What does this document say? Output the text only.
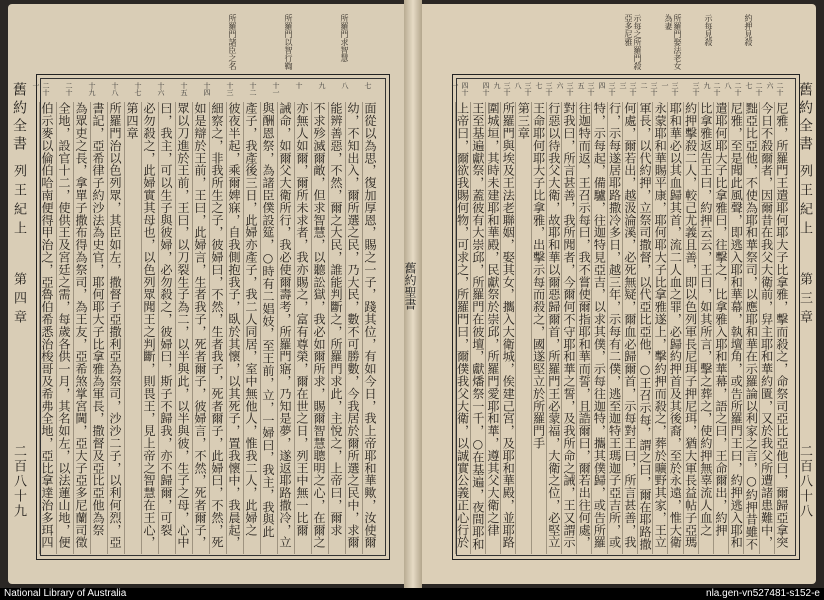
舊約全書
列王紀上
第四章
二百八十九
所羅門求智慧
所羅門以智行鞫
所羅門諸臣之名
七
八
九
十
十一
十二
十三
十四
十五
十六
十七
十八
十九
二十
二十一
面從以為思，復加厚恩，賜之一子，踐其位，有如今日，我上帝耶和華歟，汝使爾
幼，不知出入，爾所選之民，乃大民，數不可勝數，今我居於爾所選之民中，求爾
能辨善惡，不然，爾之大民，誰能判斷之，所羅門求此，主悅之，上帝曰，爾求
不求殄滅爾敵，但求智慧，以聽訟獄，我必如爾所求，賜爾智慧聰明之心，在爾之
亦無人如爾，爾所未求者，我亦賜之，富有尊榮，爾在世之日，列王中無一比爾
誡命，如爾父大衛所行，我必使爾壽考，所羅門寤，乃知是夢，遂返耶路撒冷，立
與酬恩祭，為諸臣僕設筵，○時有二娼妓，至王前，立，一婦曰，我主，我與此
產子，我產後三日，此婦亦產子，我二人同居，室中無他人，惟我二人，此婦之
彼夜半起，乘爾婢寐，自我側抱我子，臥於其懷，以其死子，置我懷中，我晨起，
細察之，非我所生之子，彼婦曰，不然，生者我子，死者爾子，此婦曰，不然，死
如是辯於王前，王曰，此婦言，生者我子，死者爾子，彼婦言，不然，死者爾子，
眾以刀進於王前，王曰，以刀裂生子為二，以半與此，以半與彼，生子之母，心中
曰，我主，可以生子與彼婦，必勿殺之，彼婦曰，斯子不歸我，亦不歸爾，可裂
必勿殺之，此婦實其母也，以色列眾聞王之判斷，則畏王，見上帝之智慧在王心，
第四章
所羅門治以色列眾，其臣如左，撒督子亞撒利亞為祭司，沙沙二子，以利何烈，亞
書記，亞希律子約沙法為史官，耶何耶大子比拿雅為軍長，撒督及亞比亞他為祭
為眾吏之長，拿單子撒布得為祭司，為王友，亞希煞掌宮閫，亞大子亞多尼蘭司徵
全地，設官十二，使供王及宮廷之需，每歲各供一月，其名如左，以法蓮山地，便
伯示麥以倫伯哈南便得甲治之，亞魯伯希悉治梭哥及希弗全地，亞比拿達治多珥四
舊約全書
列王紀上
第三章
二百八十八
約押見殺
示每見殺
所羅門娶法老女為妻
示每之所羅門殺亞多尼雅
二十六
二十七
二十八
二十九
三十
三十一
三十二
三十三
三十四
三十五
三十六
三十七
三十八
三十九
四十
四十一
尼雅，所羅門王遣耶何耶大子比拿雅，擊而殺之，命祭司亞比亞他曰，爾歸亞拿突
今日不殺爾者，因爾昔在我父大衛前，舁主耶和華約匱，又於我父所遭諸患難中，
黜亞比亞他，不使為耶和華祭司，以應耶和華在示羅論以利家之言，○約押昔雖不
尼雅，至是聞此風聲，即逃入耶和華幕，執壇角，或告所羅門王曰，約押逃入耶和
遣耶何耶大子比拿雅曰，往擊之，比拿雅入耶和華幕，語之曰，王命爾出，約押
比拿雅返告王曰，約押云云，王曰，如其所言，擊之葬之，使約押無辜流人血之
約押擊殺二人，較己尤義且善，即以色列軍長尼珥子押尼珥，猶大軍長益帖子亞瑪
耶和華必以其血歸其首，流二人血之罪，必歸約押首及其後裔，至於永遠，惟大衛
永蒙耶和華賜平康，耶何耶大子比拿雅遂上，擊約押而殺之，葬於曠野其家，王立
軍長，以代約押，立祭司撒督，以代亞比亞他，○王召示每，謂之曰，爾在耶路撒
何處，爾若出，越汲淪溪，必死無疑，爾血必歸爾首，示每對王曰，所言甚善，我
行，示每遂居耶路撒冷多日，越三年，示每有二僕，逃至迦特王瑪迦子亞吉所，或
特，示每起，備驢，往迦特見亞吉，以求其僕，示每往迦特，攜其僕歸，或告所羅
往迦特而返，王召示每曰，我不嘗使爾指耶和華而誓，且誥爾曰，爾若出往何處，
對我曰，所言甚善，我所聞者，今爾何不守耶和華之誓，及我所命之誡，王又謂示
行惡以待我父大衛，故耶和華以爾惡歸爾首，所羅門王必蒙福，大衛之位，必堅立
王命耶何耶大子比拿雅，出擊示每而殺之，國遂堅立於所羅門手
第三章
所羅門與埃及王法老聯姻，娶其女，攜入大衛城，俟建己宮，及耶和華殿，並耶路
圍城垣，其時未建耶和華殿，民獻祭於崇邱，所羅門愛耶和華，遵其父大衛之律
王至基遍獻祭，蓋彼有大崇邱，所羅門在彼壇，獻燔祭一千，○在基遍，夜間耶和
上帝曰，爾欲我賜何物，可求之，所羅門曰，爾僕我父大衛，以誠實公義正心行於
舊約聖書
National Library of Australia	nla.gen-vn527481-s152-e
